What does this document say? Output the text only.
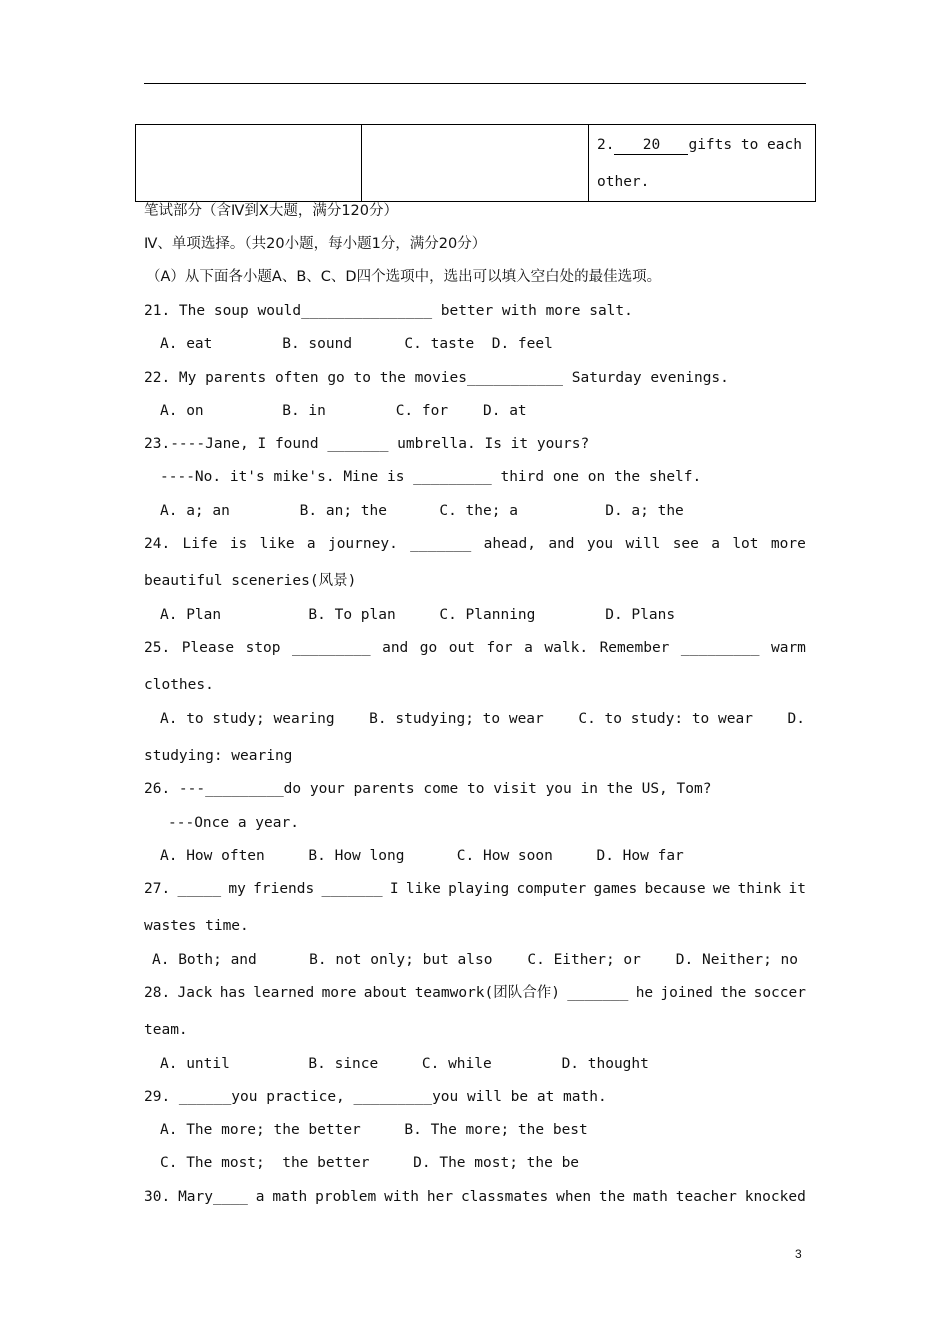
2. 20 gifts to each
other.
笔试部分（含Ⅳ到Ⅹ大题，满分120分）
Ⅳ、单项选择。（共20小题，每小题1分，满分20分）
（A）从下面各小题A、B、C、D四个选项中，选出可以填入空白处的最佳选项。
21. The soup would_______________ better with more salt.
A. eat        B. sound      C. taste  D. feel
22. My parents often go to the movies___________ Saturday evenings.
A. on         B. in        C. for    D. at
23.----Jane, I found _______ umbrella. Is it yours?
----No. it's mike's. Mine is _________ third one on the shelf.
A. a; an        B. an; the      C. the; a          D. a; the
24. Life is like a journey. _______ ahead, and you will see a lot more
beautiful sceneries(风景)
A. Plan          B. To plan     C. Planning        D. Plans
25. Please stop _________ and go out for a walk. Remember _________ warm
clothes.
A. to study; wearing B. studying; to wear C. to study: to wear D.
studying: wearing
26. ---_________do your parents come to visit you in the US, Tom?
---Once a year.
A. How often     B. How long      C. How soon     D. How far
27. _____ my friends _______ I like playing computer games because we think it
wastes time.
A. Both; and      B. not only; but also    C. Either; or    D. Neither; no
28. Jack has learned more about teamwork(团队合作) _______ he joined the soccer
team.
A. until         B. since     C. while        D. thought
29. ______you practice, _________you will be at math.
A. The more; the better     B. The more; the best
C. The most;  the better     D. The most; the be
30. Mary____ a math problem with her classmates when the math teacher knocked
3
